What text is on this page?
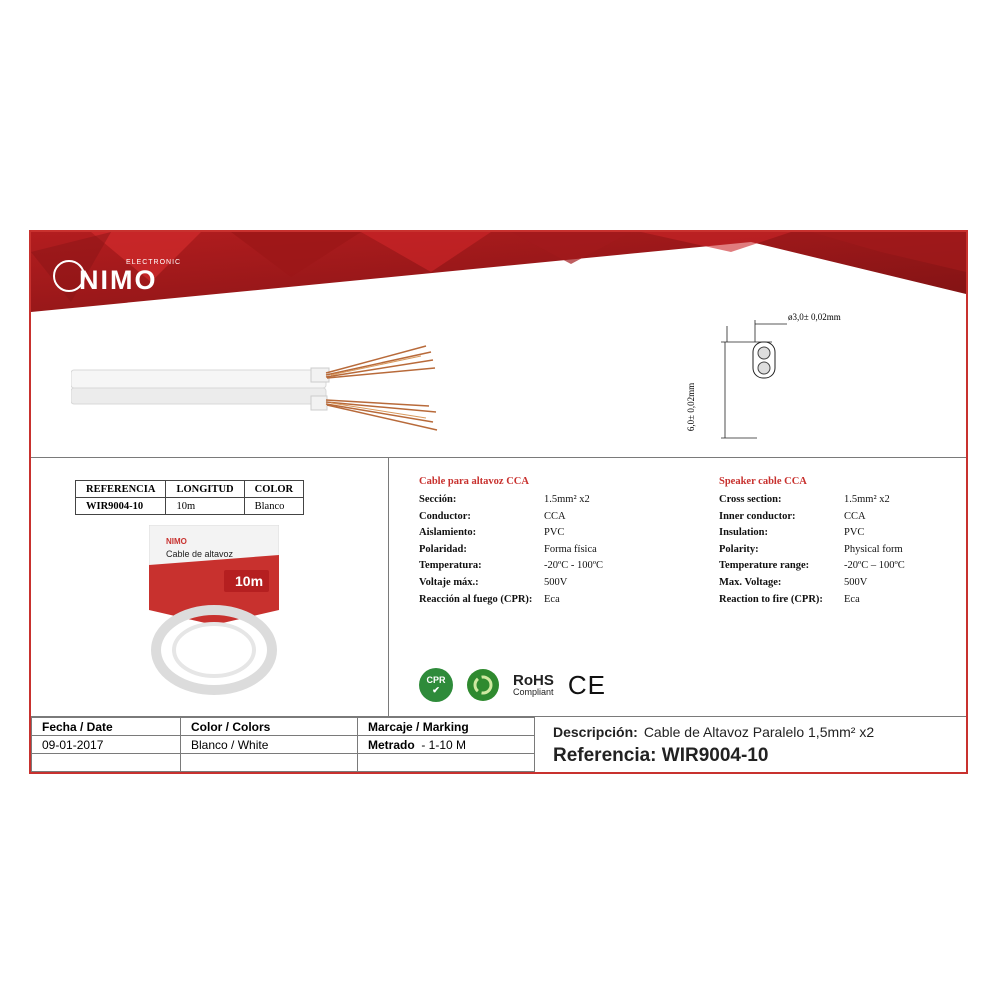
ELECTRONIC
NIMO
ø3,0± 0,02mm
6,0± 0,02mm
REFERENCIA	LONGITUD	COLOR
WIR9004-10	10m	Blanco
NIMO
Cable de altavoz
10m
Cable para altavoz CCA
Sección:	1.5mm² x2
Conductor:	CCA
Aislamiento:	PVC
Polaridad:	Forma física
Temperatura:	-20ºC - 100ºC
Voltaje máx.:	500V
Reacción al fuego (CPR):	Eca
Speaker cable CCA
Cross section:	1.5mm² x2
Inner conductor:	CCA
Insulation:	PVC
Polarity:	Physical form
Temperature range:	-20ºC – 100ºC
Max. Voltage:	500V
Reaction to fire (CPR):	Eca
CPR
✔
RoHS
Compliant CE
Fecha / Date	Color / Colors	Marcaje / Marking
09-01-2017	Blanco / White	Metrado - 1-10 M

Descripción: Cable de Altavoz Paralelo 1,5mm² x2
Referencia: WIR9004-10
